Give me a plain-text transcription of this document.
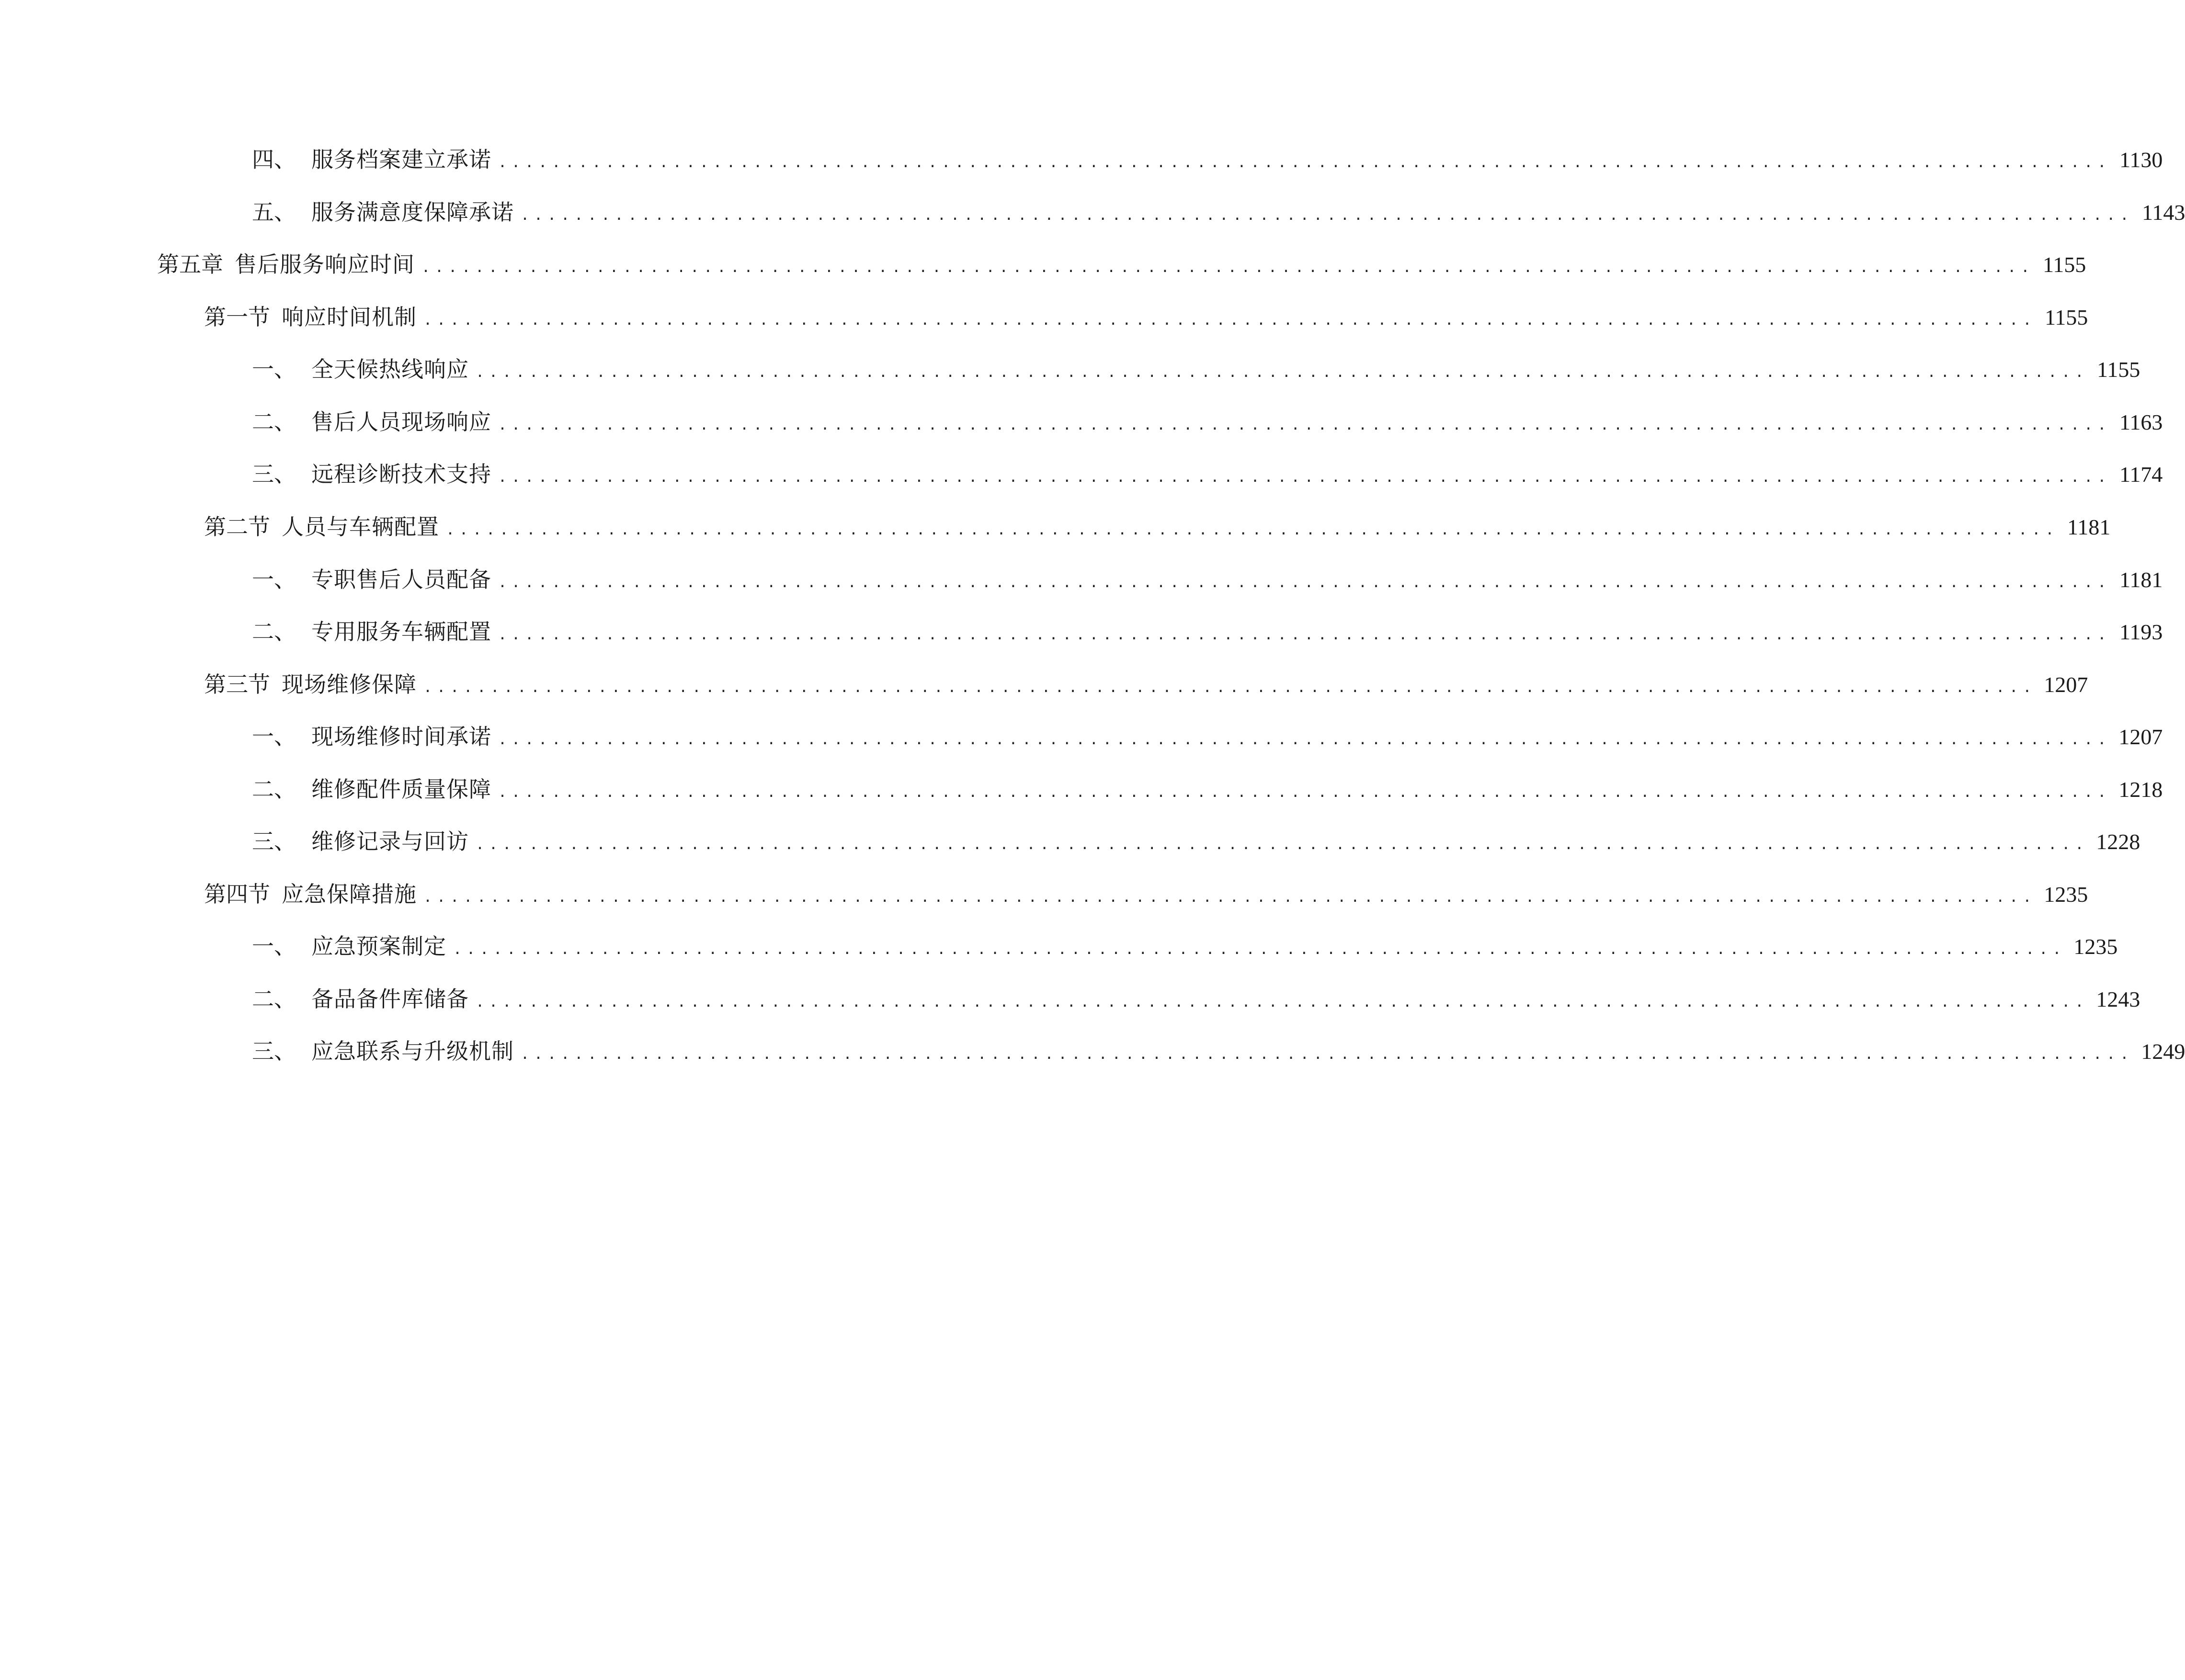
四、 服务档案建立承诺 ........................................................................................................................ 1130
五、 服务满意度保障承诺 ........................................................................................................................ 1143
第五章 售后服务响应时间 ........................................................................................................................ 1155
第一节 响应时间机制 ........................................................................................................................ 1155
一、 全天候热线响应 ........................................................................................................................ 1155
二、 售后人员现场响应 ........................................................................................................................ 1163
三、 远程诊断技术支持 ........................................................................................................................ 1174
第二节 人员与车辆配置 ........................................................................................................................ 1181
一、 专职售后人员配备 ........................................................................................................................ 1181
二、 专用服务车辆配置 ........................................................................................................................ 1193
第三节 现场维修保障 ........................................................................................................................ 1207
一、 现场维修时间承诺 ........................................................................................................................ 1207
二、 维修配件质量保障 ........................................................................................................................ 1218
三、 维修记录与回访 ........................................................................................................................ 1228
第四节 应急保障措施 ........................................................................................................................ 1235
一、 应急预案制定 ........................................................................................................................ 1235
二、 备品备件库储备 ........................................................................................................................ 1243
三、 应急联系与升级机制 ........................................................................................................................ 1249
